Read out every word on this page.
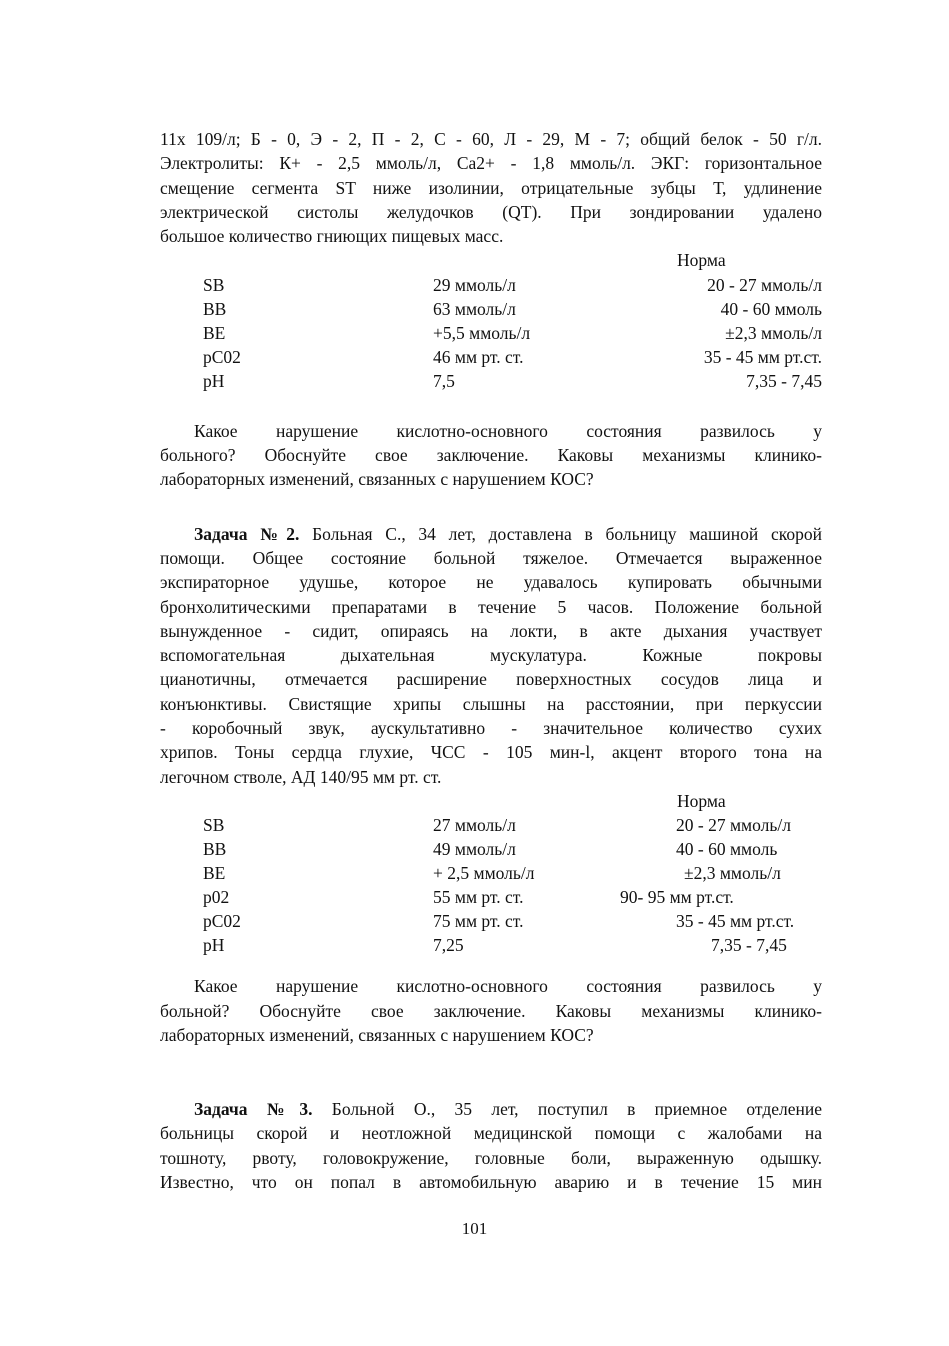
11x 109/л; Б - 0, Э - 2, П - 2, С - 60, Л - 29, М - 7; общий белок - 50 г/л.
Электролиты: К+ - 2,5 ммоль/л, Са2+ - 1,8 ммоль/л. ЭКГ: горизонтальное
смещение сегмента ST ниже изолинии, отрицательные зубцы Т, удлинение
электрической систолы желудочков (QT). При зондировании удалено
большое количество гниющих пищевых масс.
Норма
SB	29 ммоль/л	20 - 27 ммоль/л
BB	63 ммоль/л	40 - 60 ммоль
BE	+5,5 ммоль/л	±2,3 ммоль/л
pC02	46 мм рт. ст.	35 - 45 мм рт.ст.
pH	7,5	7,35 - 7,45
Какое нарушение кислотно-основного состояния развилось у
больного? Обоснуйте свое заключение. Каковы механизмы клинико-
лабораторных изменений, связанных с нарушением КОС?
Задача №2. Больная С., 34 лет, доставлена в больницу машиной скорой
помощи. Общее состояние больной тяжелое. Отмечается выраженное
экспираторное удушье, которое не удавалось купировать обычными
бронхолитическими препаратами в течение 5 часов. Положение больной
вынужденное - сидит, опираясь на локти, в акте дыхания участвует
вспомогательная дыхательная мускулатура. Кожные покровы
цианотичны, отмечается расширение поверхностных сосудов лица и
конъюнктивы. Свистящие хрипы слышны на расстоянии, при перкуссии
- коробочный звук, аускультативно - значительное количество сухих
хрипов. Тоны сердца глухие, ЧСС - 105 мин-l, акцент второго тона на
легочном стволе, АД 140/95 мм рт. ст.
Норма
SB	27 ммоль/л	20 - 27 ммоль/л
BB	49 ммоль/л	40 - 60 ммоль
BE	+ 2,5 ммоль/л	±2,3 ммоль/л
p02	55 мм рт. ст.	90- 95 мм рт.ст.
pC02	75 мм рт. ст.	35 - 45 мм рт.ст.
pH	7,25	7,35 - 7,45
Какое нарушение кислотно-основного состояния развилось у
больной? Обоснуйте свое заключение. Каковы механизмы клинико-
лабораторных изменений, связанных с нарушением КОС?
Задача №3. Больной О., 35 лет, поступил в приемное отделение
больницы скорой и неотложной медицинской помощи с жалобами на
тошноту, рвоту, головокружение, головные боли, выраженную одышку.
Известно, что он попал в автомобильную аварию и в течение 15 мин
101
